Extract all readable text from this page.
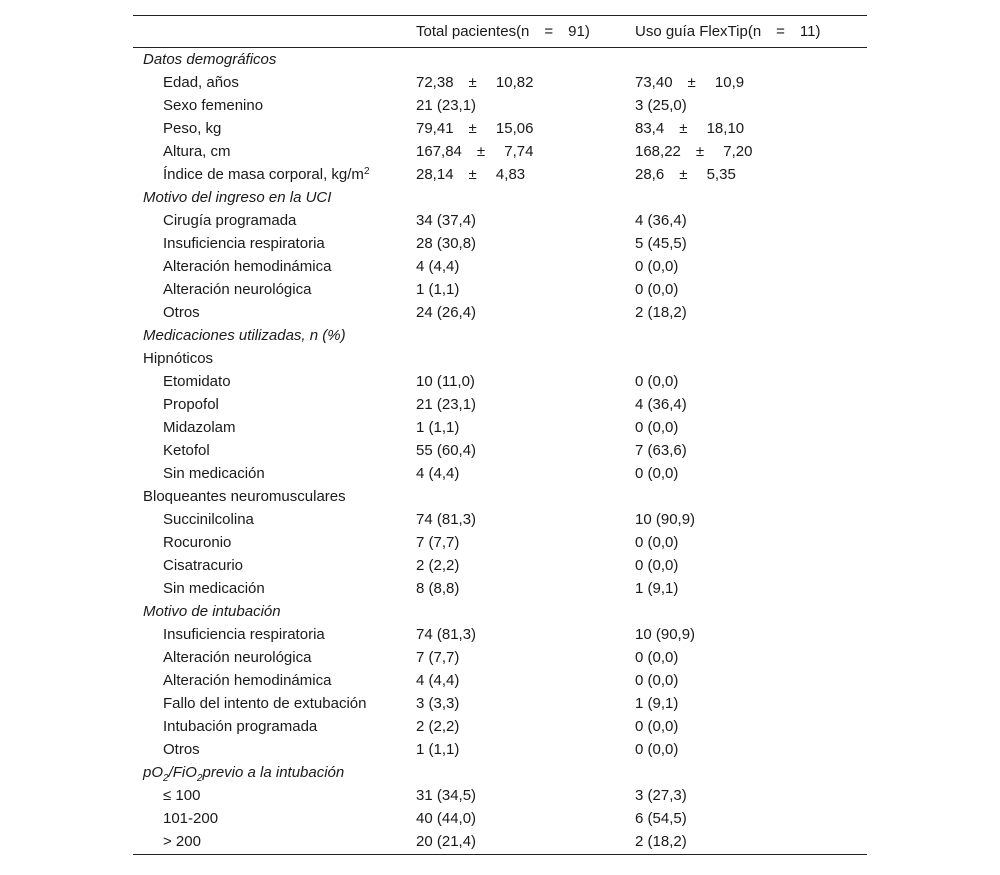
	Total pacientes(n  =  91)	Uso guía FlexTip(n  =  11)
Datos demográficos		
Edad, años	72,38 ±  10,82	73,40 ±  10,9
Sexo femenino	21 (23,1)	3 (25,0)
Peso, kg	79,41 ±  15,06	83,4 ±  18,10
Altura, cm	167,84 ±  7,74	168,22 ±  7,20
Índice de masa corporal, $kg/m^2$	28,14 ±  4,83	28,6 ±  5,35
Motivo del ingreso en la UCI		
Cirugía programada	34 (37,4)	4 (36,4)
Insuficiencia respiratoria	28 (30,8)	5 (45,5)
Alteración hemodinámica	4 (4,4)	0 (0,0)
Alteración neurológica	1 (1,1)	0 (0,0)
Otros	24 (26,4)	2 (18,2)
Medicaciones utilizadas, n (%)		
Hipnóticos		
Etomidato	10 (11,0)	0 (0,0)
Propofol	21 (23,1)	4 (36,4)
Midazolam	1 (1,1)	0 (0,0)
Ketofol	55 (60,4)	7 (63,6)
Sin medicación	4 (4,4)	0 (0,0)
Bloqueantes neuromusculares		
Succinilcolina	74 (81,3)	10 (90,9)
Rocuronio	7 (7,7)	0 (0,0)
Cisatracurio	2 (2,2)	0 (0,0)
Sin medicación	8 (8,8)	1 (9,1)
Motivo de intubación		
Insuficiencia respiratoria	74 (81,3)	10 (90,9)
Alteración neurológica	7 (7,7)	0 (0,0)
Alteración hemodinámica	4 (4,4)	0 (0,0)
Fallo del intento de extubación	3 (3,3)	1 (9,1)
Intubación programada	2 (2,2)	0 (0,0)
Otros	1 (1,1)	0 (0,0)
$pO_2/FiO_2previo$ a la intubación		
≤ 100	31 (34,5)	3 (27,3)
101-200	40 (44,0)	6 (54,5)
> 200	20 (21,4)	2 (18,2)
